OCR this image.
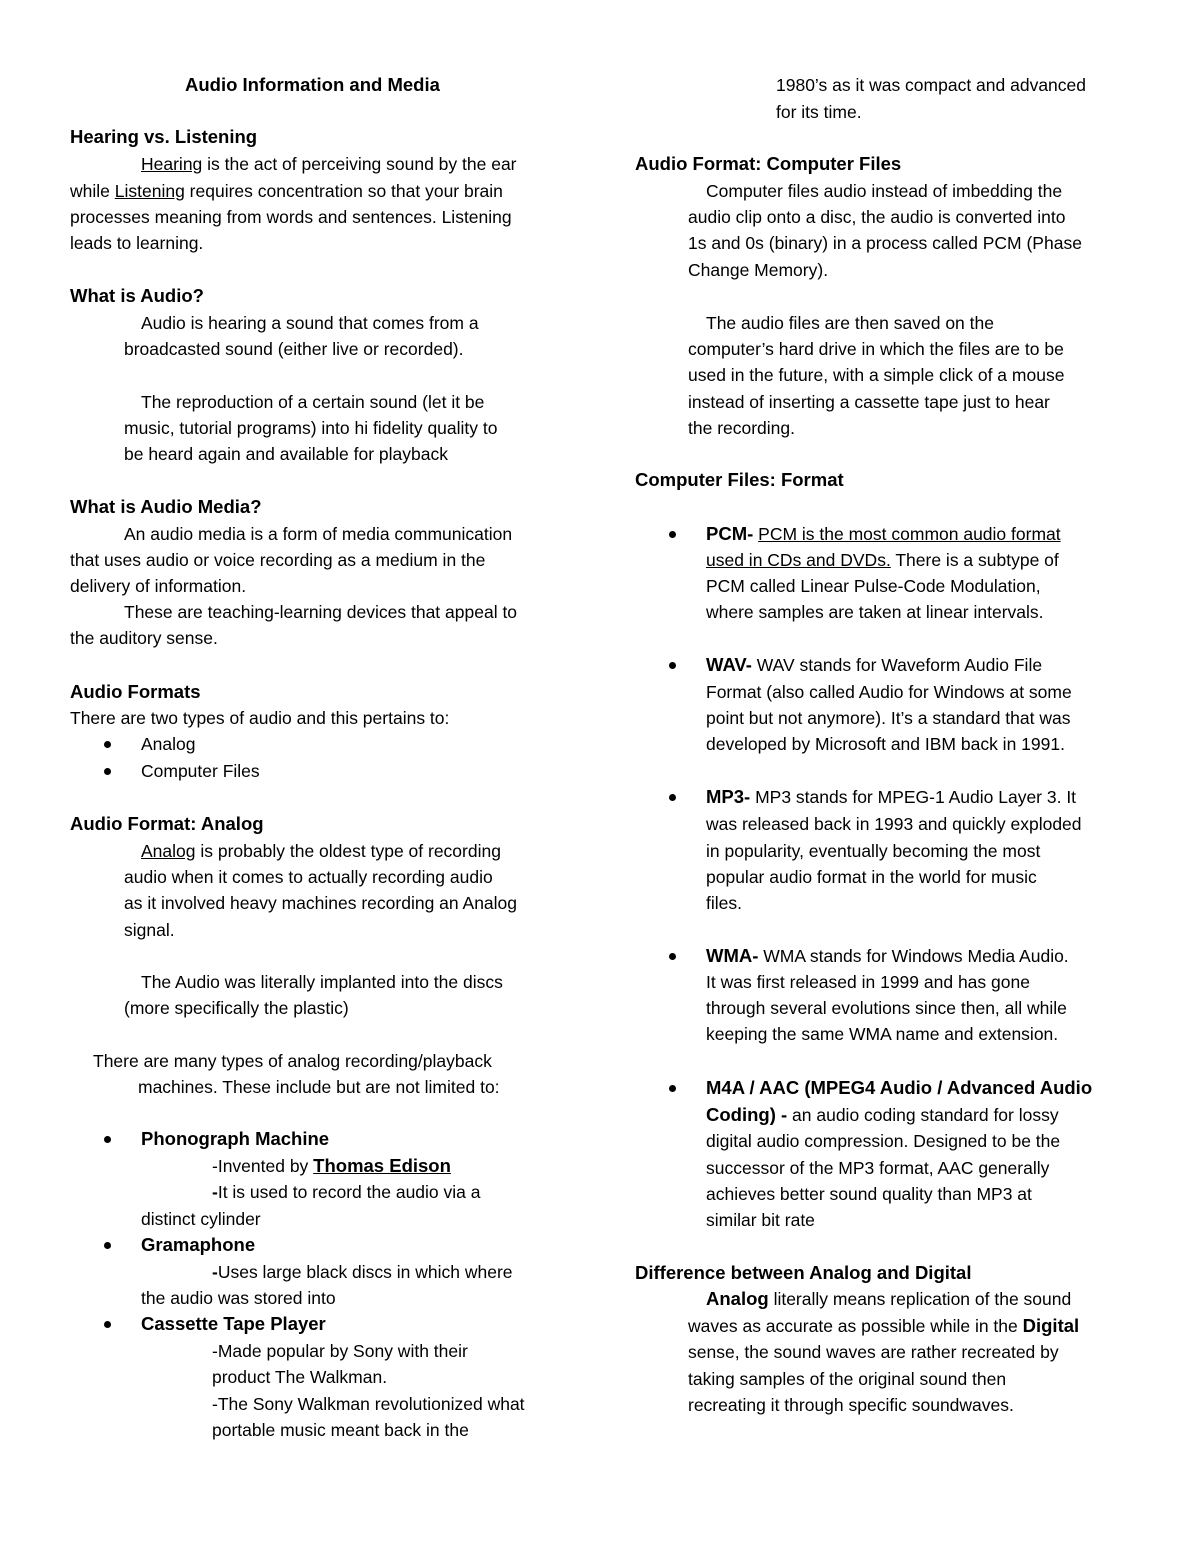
Audio Information and Media
Hearing vs. Listening
Hearing is the act of perceiving sound by the ear
while Listening requires concentration so that your brain
processes meaning from words and sentences. Listening
leads to learning.
What is Audio?
Audio is hearing a sound that comes from a
broadcasted sound (either live or recorded).
The reproduction of a certain sound (let it be
music, tutorial programs) into hi fidelity quality to
be heard again and available for playback
What is Audio Media?
An audio media is a form of media communication
that uses audio or voice recording as a medium in the
delivery of information.
These are teaching-learning devices that appeal to
the auditory sense.
Audio Formats
There are two types of audio and this pertains to:
Analog
Computer Files
Audio Format: Analog
Analog is probably the oldest type of recording
audio when it comes to actually recording audio
as it involved heavy machines recording an Analog
signal.
The Audio was literally implanted into the discs
(more specifically the plastic)
There are many types of analog recording/playback
machines. These include but are not limited to:
Phonograph Machine
-Invented by Thomas Edison
-It is used to record the audio via a
distinct cylinder
Gramaphone
-Uses large black discs in which where
the audio was stored into
Cassette Tape Player
-Made popular by Sony with their
product The Walkman.
-The Sony Walkman revolutionized what
portable music meant back in the
1980’s as it was compact and advanced
for its time.
Audio Format: Computer Files
Computer files audio instead of imbedding the
audio clip onto a disc, the audio is converted into
1s and 0s (binary) in a process called PCM (Phase
Change Memory).
The audio files are then saved on the
computer’s hard drive in which the files are to be
used in the future, with a simple click of a mouse
instead of inserting a cassette tape just to hear
the recording.
Computer Files: Format
PCM- PCM is the most common audio format
used in CDs and DVDs. There is a subtype of
PCM called Linear Pulse-Code Modulation,
where samples are taken at linear intervals.
WAV- WAV stands for Waveform Audio File
Format (also called Audio for Windows at some
point but not anymore). It’s a standard that was
developed by Microsoft and IBM back in 1991.
MP3- MP3 stands for MPEG-1 Audio Layer 3. It
was released back in 1993 and quickly exploded
in popularity, eventually becoming the most
popular audio format in the world for music
files.
WMA- WMA stands for Windows Media Audio.
It was first released in 1999 and has gone
through several evolutions since then, all while
keeping the same WMA name and extension.
M4A / AAC (MPEG4 Audio / Advanced Audio
Coding) - an audio coding standard for lossy
digital audio compression. Designed to be the
successor of the MP3 format, AAC generally
achieves better sound quality than MP3 at
similar bit rate
Difference between Analog and Digital
Analog literally means replication of the sound
waves as accurate as possible while in the Digital
sense, the sound waves are rather recreated by
taking samples of the original sound then
recreating it through specific soundwaves.
